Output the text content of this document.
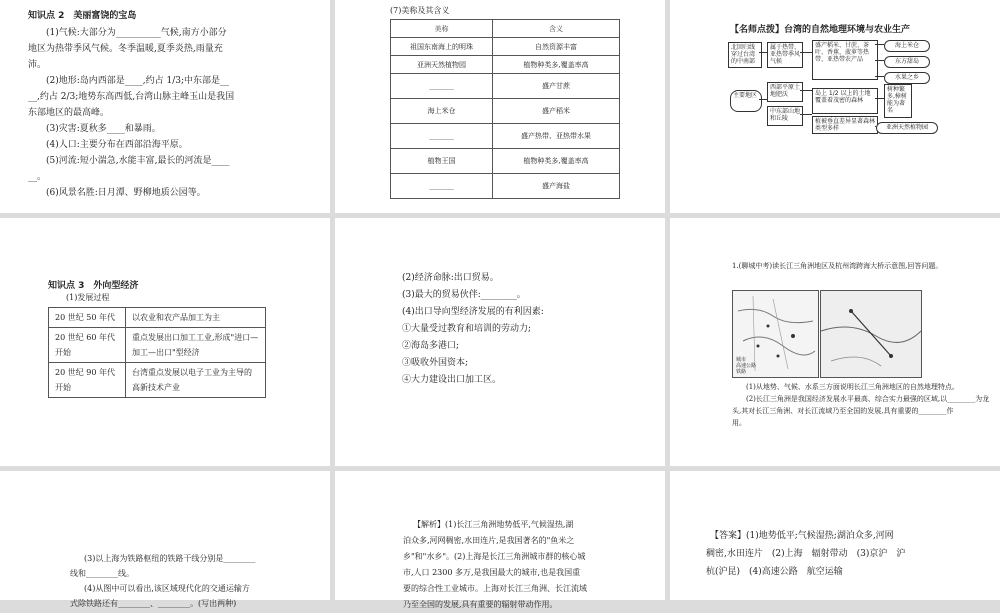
知识点 2　美丽富饶的宝岛

(1)气候:大部分为__________气候,南方小部分

地区为热带季风气候。冬季温暖,夏季炎热,雨量充

沛。

(2)地形:岛内西部是____,约占 1/3;中东部是__

__,约占 2/3;地势东高西低,台湾山脉主峰玉山是我国

东部地区的最高峰。

(3)灾害:夏秋多____和暴雨。

(4)人口:主要分布在西部沿海平原。

(5)河流:短小湍急,水能丰富,最长的河流是____

__。

(6)风景名胜:日月潭、野柳地质公园等。

(7)美称及其含义

美称	含义
祖国东南海上的明珠	自然资源丰富
亚洲天然植物园	植物种类多,覆盖率高
_______	盛产甘蔗
海上米仓	盛产稻米
_______	盛产热带、亚热带水果
植物王国	植物种类多,覆盖率高
_______	盛产海盐

【名师点拨】台湾的自然地理环境与农业生产

北回归线穿过台湾的中南部
属于热带、亚热带季风气候
盛产稻米、甘蔗、茶叶、香蕉、菠萝等热带、亚热带农产品
海上米仓
东方甜岛
水果之乡
主要地区
西部平原土地肥沃
中东部山地和丘陵
岛上 1/2 以上的土地覆盖着茂密的森林
植被垂直差异显著森林类型多样
树种繁多,樟树能为著名
亚洲天然植物园

知识点 3　外向型经济

(1)发展过程

20 世纪 50 年代	以农业和农产品加工为主
20 世纪 60 年代开始	重点发展出口加工工业,形成"进口—加工—出口"型经济
20 世纪 90 年代开始	台湾重点发展以电子工业为主导的高新技术产业

(2)经济命脉:出口贸易。

(3)最大的贸易伙伴:________。

(4)出口导向型经济发展的有利因素:

①大量受过教育和培训的劳动力;

②海岛多港口;

③吸收外国资本;

④大力建设出口加工区。

1.(聊城中考)读长江三角洲地区及杭州湾跨海大桥示意图,回答问题。

城市
高速公路
铁路

(1)从地势、气候、水系三方面说明长江三角洲地区的自然地理特点。

(2)长江三角洲是我国经济发展水平最高、综合实力最强的区域,以________为龙头,其对长江三角洲、对长江流域乃至全国的发展,具有重要的________作

用。

(3)以上海为铁路枢纽的铁路干线分别是________

线和________线。

(4)从图中可以看出,该区域现代化的交通运输方

式除铁路还有________、________。(写出两种)

【解析】(1)长江三角洲地势低平,气候湿热,湖

泊众多,河网稠密,水田连片,是我国著名的"鱼米之

乡"和"水乡"。(2)上海是长江三角洲城市群的核心城

市,人口 2300 多万,是我国最大的城市,也是我国重

要的综合性工业城市。上海对长江三角洲、长江流域

乃至全国的发展,具有重要的辐射带动作用。

【答案】(1)地势低平;气候湿热;湖泊众多,河网

稠密,水田连片　(2)上海　辐射带动　(3)京沪　沪

杭(沪昆)　(4)高速公路　航空运输
